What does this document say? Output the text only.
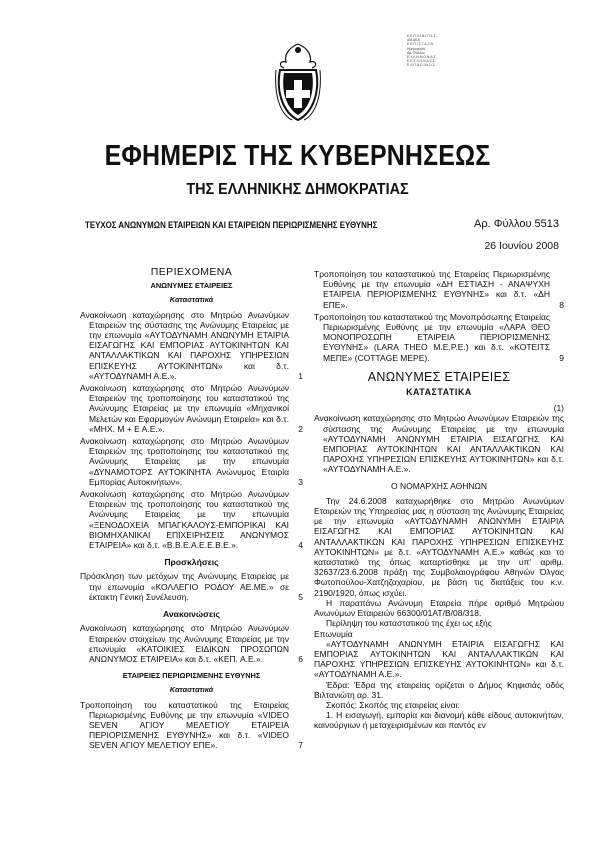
Ε.Ε.Π.Λ.Ι.Ν.Ι.Π.Σ.Σ.
ΑΜ.ΑΕΑ
Ε.Ε.Π.Ι.Σ.Τ.Α.Σ.Ν.
Ημερομηνία
Αρ. Φύλλου
Ε.Υ.Λ.Ν.Μ.Ο.Ν.Α.Σ.
Ε.Ε.Σ.Λ.Ο.Ν.Α.Σ.Σ.
Ε.Λ.Π.Α.Ο.Ι.Ν.Ο.Σ.
ΕΦΗΜΕΡΙΣ ΤΗΣ ΚΥΒΕΡΝΗΣΕΩΣ
ΤΗΣ ΕΛΛΗΝΙΚΗΣ ΔΗΜΟΚΡΑΤΙΑΣ
ΤΕΥΧΟΣ ΑΝΩΝΥΜΩΝ ΕΤΑΙΡΕΙΩΝ ΚΑΙ ΕΤΑΙΡΕΙΩΝ ΠΕΡΙΩΡΙΣΜΕΝΗΣ ΕΥΘΥΝΗΣ	Αρ. Φύλλου 5513
26 Ιουνίου 2008
ΠΕΡΙΕΧΟΜΕΝΑ
ΑΝΩΝΥΜΕΣ ΕΤΑΙΡΕΙΕΣ
Καταστατικά
Ανακοίνωση καταχώρησης στο Μητρώο Ανωνύμων Εταιρειών της σύστασης της Ανώνυμης Εταιρείας με την επωνυμία «ΑΥΤΟΔΥΝΑΜΗ ΑΝΩΝΥΜΗ ΕΤΑΙΡΙΑ ΕΙΣΑΓΩΓΗΣ ΚΑΙ ΕΜΠΟΡΙΑΣ ΑΥΤΟΚΙΝΗΤΩΝ ΚΑΙ ΑΝΤΑΛΛΑΚΤΙΚΩΝ ΚΑΙ ΠΑΡΟΧΗΣ ΥΠΗΡΕΣΙΩΝ ΕΠΙΣΚΕΥΗΣ ΑΥΤΟΚΙΝΗΤΩΝ» και δ.τ. «ΑΥΤΟΔΥΝΑΜΗ Α.Ε.».	1
Ανακοίνωση καταχώρησης στο Μητρώο Ανωνύμων Εταιρειών της τροποποίησης του καταστατικού της Ανώνυμης Εταιρείας με την επωνυμία «Μηχανικοί Μελετών και Εφαρμογών Ανώνυμη Εταιρεία» και δ.τ. «ΜΗΧ. Μ + Ε Α.Ε.».	2
Ανακοίνωση καταχώρησης στο Μητρώο Ανωνύμων Εταιρειών της τροποποίησης του καταστατικού της Ανώνυμης Εταιρείας με την επωνυμία «ΔΥΝΑΜΟΤΟΡΣ ΑΥΤΟΚΙΝΗΤΑ Ανώνυμος Εταιρία Εμπορίας Αυτοκινήτων».	3
Ανακοίνωση καταχώρησης στο Μητρώο Ανωνύμων Εταιρειών της τροποποίησης του καταστατικού της Ανώνυμης Εταιρείας με την επωνυμία «ΞΕΝΟΔΟΧΕΙΑ ΜΠΑΓΚΑΛΟΥΣ-ΕΜΠΟΡΙΚΑΙ ΚΑΙ ΒΙΟΜΗΧΑΝΙΚΑΙ ΕΠΙΧΕΙΡΗΣΕΙΣ ΑΝΩΝΥΜΟΣ ΕΤΑΙΡΕΙΑ» και δ.τ. «Β.Β.Ε.Α.Ε.Ε.Β.Ε.».	4
Προσκλήσεις
Πρόσκληση των μετόχων της Ανώνυμης Εταιρείας με την επωνυμία «ΚΟΛΛΕΓΙΟ ΡΟΔΟΥ ΑΕ.ΜΕ.» σε έκτακτη Γενική Συνέλευση.	5
Ανακοινώσεις
Ανακοίνωση καταχώρησης στο Μητρώο Ανωνύμων Εταιρειών στοιχείων της Ανώνυμης Εταιρείας με την επωνυμία «ΚΑΤΟΙΚΙΕΣ ΕΙΔΙΚΩΝ ΠΡΟΣΩΠΩΝ ΑΝΩΝΥΜΟΣ ΕΤΑΙΡΕΙΑ» και δ.τ. «ΚΕΠ. Α.Ε.».	6
ΕΤΑΙΡΕΙΕΣ ΠΕΡΙΩΡΙΣΜΕΝΗΣ ΕΥΘΥΝΗΣ
Καταστατικά
Τροποποίηση του καταστατικού της Εταιρείας Περιωρισμένης Ευθύνης με την επωνυμία «VIDEO SEVEN ΑΓΙΟΥ ΜΕΛΕΤΙΟΥ ΕΤΑΙΡΕΙΑ ΠΕΡΙΟΡΙΣΜΕΝΗΣ ΕΥΘΥΝΗΣ» και δ.τ. «VIDEO SEVEN ΑΓΙΟΥ ΜΕΛΕΤΙΟΥ ΕΠΕ».	7
Τροποποίηση του καταστατικού της Εταιρείας Περιωρισμένης Ευθύνης με την επωνυμία «ΔΗ ΕΣΤΙΑΣΗ - ΑΝΑΨΥΧΗ ΕΤΑΙΡΕΙΑ ΠΕΡΙΟΡΙΣΜΕΝΗΣ ΕΥΘΥΝΗΣ» και δ.τ. «ΔΗ ΕΠΕ».	8
Τροποποίηση του καταστατικού της Μονοπρόσωπης Εταιρείας Περιωρισμένης Ευθύνης με την επωνυμία «ΛΑΡΑ ΘΕΟ ΜΟΝΟΠΡΟΣΩΠΗ ΕΤΑΙΡΕΙΑ ΠΕΡΙΟΡΙΣΜΕΝΗΣ ΕΥΘΥΝΗΣ» (LARA THEO M.E.P.E.) και δ.τ. «ΚΟΤΕΙΤΣ ΜΕΠΕ» (COTTAGE MEPE).	9
ΑΝΩΝΥΜΕΣ ΕΤΑΙΡΕΙΕΣ
ΚΑΤΑΣΤΑΤΙΚΑ
(1)
Ανακοίνωση καταχώρησης στο Μητρώο Ανωνύμων Εταιρειών της σύστασης της Ανώνυμης Εταιρείας με την επωνυμία «ΑΥΤΟΔΥΝΑΜΗ ΑΝΩΝΥΜΗ ΕΤΑΙΡΙΑ ΕΙΣΑΓΩΓΗΣ ΚΑΙ ΕΜΠΟΡΙΑΣ ΑΥΤΟΚΙΝΗΤΩΝ ΚΑΙ ΑΝΤΑΛΛΑΚΤΙΚΩΝ ΚΑΙ ΠΑΡΟΧΗΣ ΥΠΗΡΕΣΙΩΝ ΕΠΙΣΚΕΥΗΣ ΑΥΤΟΚΙΝΗΤΩΝ» και δ.τ. «ΑΥΤΟΔΥΝΑΜΗ Α.Ε.».
Ο ΝΟΜΑΡΧΗΣ ΑΘΗΝΩΝ
Την 24.6.2008 καταχωρήθηκε στο Μητρώο Ανωνύμων Εταιρειών της Υπηρεσίας μας η σύσταση της Ανώνυμης Εταιρείας με την επωνυμία «ΑΥΤΟΔΥΝΑΜΗ ΑΝΩΝΥΜΗ ΕΤΑΙΡΙΑ ΕΙΣΑΓΩΓΗΣ ΚΑΙ ΕΜΠΟΡΙΑΣ ΑΥΤΟΚΙΝΗΤΩΝ ΚΑΙ ΑΝΤΑΛΛΑΚΤΙΚΩΝ ΚΑΙ ΠΑΡΟΧΗΣ ΥΠΗΡΕΣΙΩΝ ΕΠΙΣΚΕΥΗΣ ΑΥΤΟΚΙΝΗΤΩΝ» με δ.τ. «ΑΥΤΟΔΥΝΑΜΗ Α.Ε.» καθώς και το καταστατικό της όπως καταρτίσθηκε με την υπ' αριθμ. 32637/23.6.2008 πράξη της Συμβολαιογράφου Αθηνών Όλγας Φωτοπούλου-Χατζηζαχαρίου, με βάση τις διατάξεις του κ.ν. 2190/1920, όπως ισχύει.
Η παραπάνω Ανώνυμη Εταιρεία πήρε αριθμό Μητρώου Ανωνύμων Εταιρειών 66300/01ΑΤ/Β/08/318.
Περίληψη του καταστατικού της έχει ως εξής
Επωνυμία
«ΑΥΤΟΔΥΝΑΜΗ ΑΝΩΝΥΜΗ ΕΤΑΙΡΙΑ ΕΙΣΑΓΩΓΗΣ ΚΑΙ ΕΜΠΟΡΙΑΣ ΑΥΤΟΚΙΝΗΤΩΝ ΚΑΙ ΑΝΤΑΛΛΑΚΤΙΚΩΝ ΚΑΙ ΠΑΡΟΧΗΣ ΥΠΗΡΕΣΙΩΝ ΕΠΙΣΚΕΥΗΣ ΑΥΤΟΚΙΝΗΤΩΝ» και δ.τ. «ΑΥΤΟΔΥΝΑΜΗ Α.Ε.».
Έδρα: Έδρα της εταιρείας ορίζεται ο Δήμος Κηφισιάς οδός Βιλτανιώτη αρ. 31.
Σκοπός: Σκοπός της εταιρείας είναι:
1. Η εισαγωγή, εμπορία και διανομή κάθε είδους αυτοκινήτων, καινούργιων ή μεταχειρισμένων και παντός εν
